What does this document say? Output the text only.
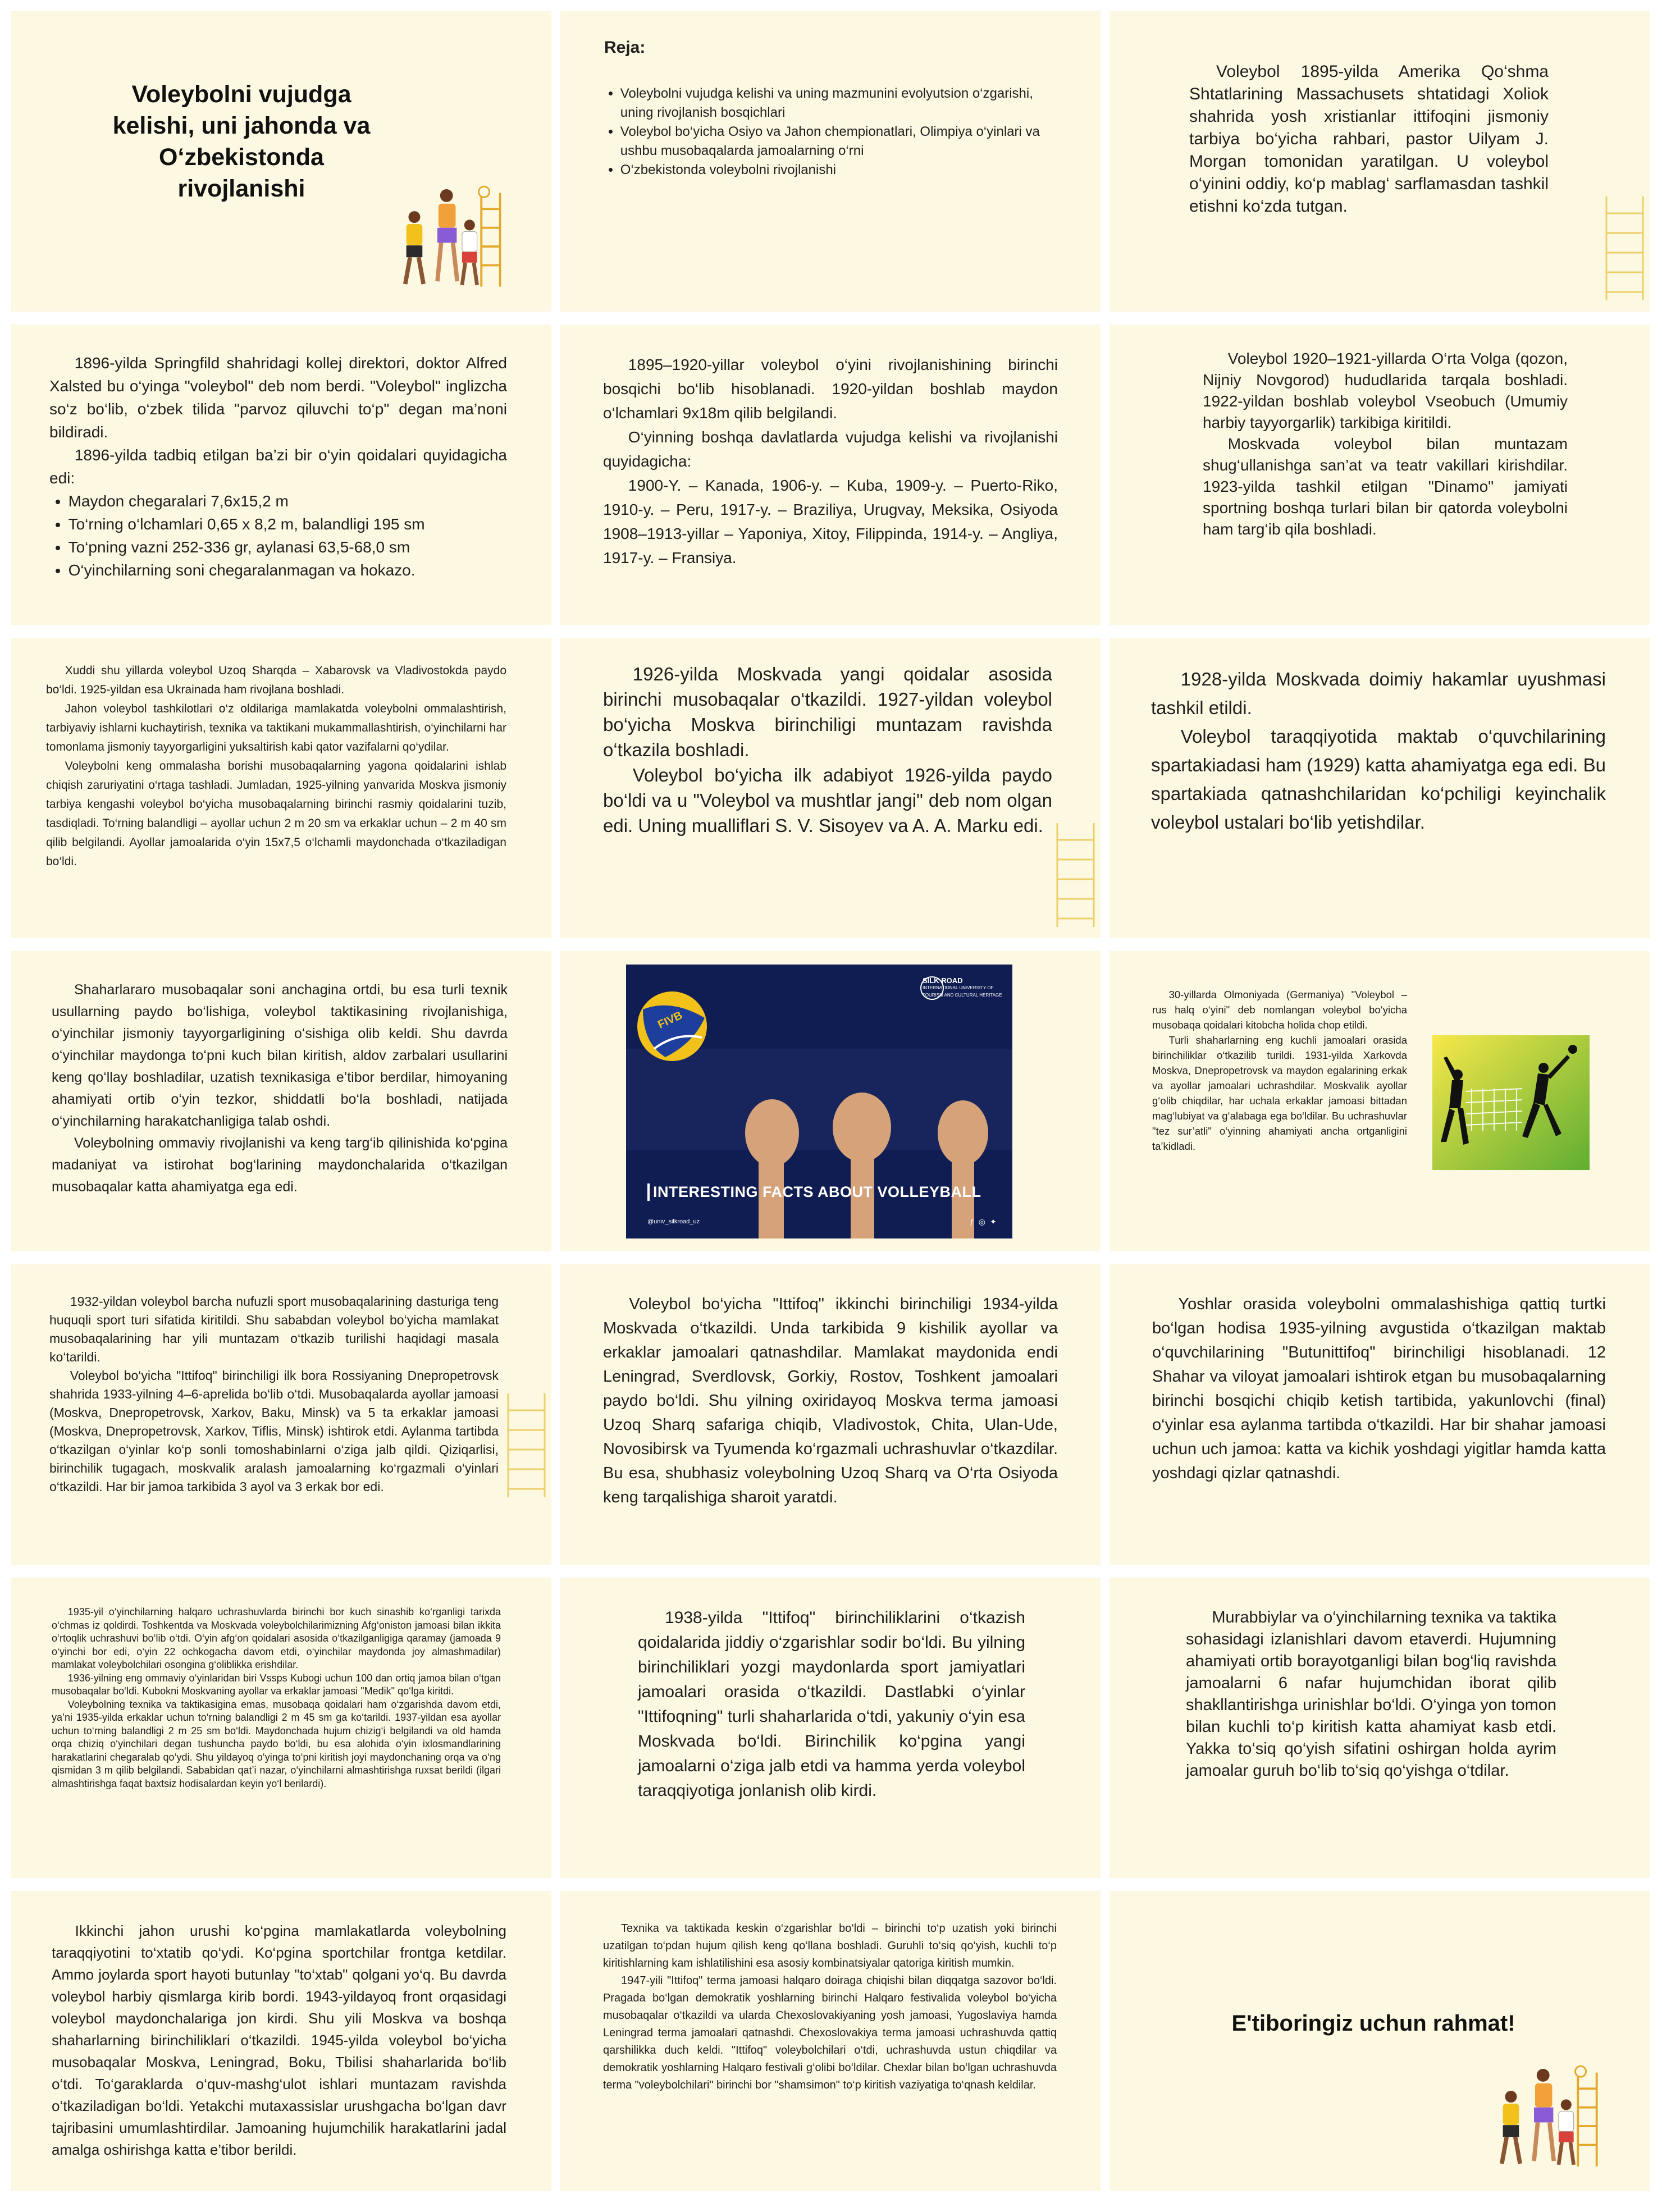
Voleybolni vujudga kelishi, uni jahonda va O‘zbekistonda rivojlanishi
Reja:
• Voleybolni vujudga kelishi va uning mazmunini evolyutsion o‘zgarishi, uning rivojlanish bosqichlari
• Voleybol bo‘yicha Osiyo va Jahon chempionatlari, Olimpiya o‘yinlari va ushbu musobaqalarda jamoalarning o‘rni
• O‘zbekistonda voleybolni rivojlanishi

Voleybol 1895-yilda Amerika Qo‘shma Shtatlarining Massachusets shtatidagi Xoliok shahrida yosh xristianlar ittifoqini jismoniy tarbiya bo‘yicha rahbari, pastor Uilyam J. Morgan tomonidan yaratilgan. U voleybol o‘yinini oddiy, ko‘p mablag‘ sarflamasdan tashkil etishni ko‘zda tutgan.

1896-yilda Springfild shahridagi kollej direktori, doktor Alfred Xalsted bu o‘yinga "voleybol" deb nom berdi. "Voleybol" inglizcha so‘z bo‘lib, o‘zbek tilida "parvoz qiluvchi to‘p" degan ma’noni bildiradi.

1896-yilda tadbiq etilgan ba’zi bir o‘yin qoidalari quyidagicha edi:

• Maydon chegaralari 7,6x15,2 m
• To‘rning o‘lchamlari 0,65 x 8,2 m, balandligi 195 sm
• To‘pning vazni 252-336 gr, aylanasi 63,5-68,0 sm
• O‘yinchilarning soni chegaralanmagan va hokazo.

1895–1920-yillar voleybol o‘yini rivojlanishining birinchi bosqichi bo‘lib hisoblanadi. 1920-yildan boshlab maydon o‘lchamlari 9x18m qilib belgilandi.

O‘yinning boshqa davlatlarda vujudga kelishi va rivojlanishi quyidagicha:

1900-Y. – Kanada, 1906-y. – Kuba, 1909-y. – Puerto-Riko, 1910-y. – Peru, 1917-y. – Braziliya, Urugvay, Meksika, Osiyoda 1908–1913-yillar – Yaponiya, Xitoy, Filippinda, 1914-y. – Angliya, 1917-y. – Fransiya.

Voleybol 1920–1921-yillarda O‘rta Volga (qozon, Nijniy Novgorod) hududlarida tarqala boshladi. 1922-yildan boshlab voleybol Vseobuch (Umumiy harbiy tayyorgarlik) tarkibiga kiritildi.

Moskvada voleybol bilan muntazam shug‘ullanishga san’at va teatr vakillari kirishdilar. 1923-yilda tashkil etilgan "Dinamo" jamiyati sportning boshqa turlari bilan bir qatorda voleybolni ham targ‘ib qila boshladi.

Xuddi shu yillarda voleybol Uzoq Sharqda – Xabarovsk va Vladivostokda paydo bo‘ldi. 1925-yildan esa Ukrainada ham rivojlana boshladi.

Jahon voleybol tashkilotlari o‘z oldilariga mamlakatda voleybolni ommalashtirish, tarbiyaviy ishlarni kuchaytirish, texnika va taktikani mukammallashtirish, o‘yinchilarni har tomonlama jismoniy tayyorgarligini yuksaltirish kabi qator vazifalarni qo‘ydilar.

Voleybolni keng ommalasha borishi musobaqalarning yagona qoidalarini ishlab chiqish zaruriyatini o‘rtaga tashladi. Jumladan, 1925-yilning yanvarida Moskva jismoniy tarbiya kengashi voleybol bo‘yicha musobaqalarning birinchi rasmiy qoidalarini tuzib, tasdiqladi. To‘rning balandligi – ayollar uchun 2 m 20 sm va erkaklar uchun – 2 m 40 sm qilib belgilandi. Ayollar jamoalarida o‘yin 15x7,5 o‘lchamli maydonchada o‘tkaziladigan bo‘ldi.

1926-yilda Moskvada yangi qoidalar asosida birinchi musobaqalar o‘tkazildi. 1927-yildan voleybol bo‘yicha Moskva birinchiligi muntazam ravishda o‘tkazila boshladi.

Voleybol bo‘yicha ilk adabiyot 1926-yilda paydo bo‘ldi va u "Voleybol va mushtlar jangi" deb nom olgan edi. Uning mualliflari S. V. Sisoyev va A. A. Marku edi.

1928-yilda Moskvada doimiy hakamlar uyushmasi tashkil etildi.

Voleybol taraqqiyotida maktab o‘quvchilarining spartakiadasi ham (1929) katta ahamiyatga ega edi. Bu spartakiada qatnashchilaridan ko‘pchiligi keyinchalik voleybol ustalari bo‘lib yetishdilar.

Shaharlararo musobaqalar soni anchagina ortdi, bu esa turli texnik usullarning paydo bo‘lishiga, voleybol taktikasining rivojlanishiga, o‘yinchilar jismoniy tayyorgarligining o‘sishiga olib keldi. Shu davrda o‘yinchilar maydonga to‘pni kuch bilan kiritish, aldov zarbalari usullarini keng qo‘llay boshladilar, uzatish texnikasiga e’tibor berdilar, himoyaning ahamiyati ortib o‘yin tezkor, shiddatli bo‘la boshladi, natijada o‘yinchilarning harakatchanligiga talab oshdi.

Voleybolning ommaviy rivojlanishi va keng targ‘ib qilinishida ko‘pgina madaniyat va istirohat bog‘larining maydonchalarida o‘tkazilgan musobaqalar katta ahamiyatga ega edi.

SILK ROAD
INTERNATIONAL UNIVERSITY OF
TOURISM AND CULTURAL HERITAGE
FIVB
INTERESTING FACTS ABOUT VOLLEYBALL
@univ_silkroad_uz	ƒ◎✦

30-yillarda Olmoniyada (Germaniya) "Voleybol – rus halq o‘yini" deb nomlangan voleybol bo‘yicha musobaqa qoidalari kitobcha holida chop etildi.

Turli shaharlarning eng kuchli jamoalari orasida birinchiliklar o‘tkazilib turildi. 1931-yilda Xarkovda Moskva, Dnepropetrovsk va maydon egalarining erkak va ayollar jamoalari uchrashdilar. Moskvalik ayollar g‘olib chiqdilar, har uchala erkaklar jamoasi bittadan mag‘lubiyat va g‘alabaga ega bo‘ldilar. Bu uchrashuvlar "tez sur’atli" o‘yinning ahamiyati ancha ortganligini ta’kidladi.

1932-yildan voleybol barcha nufuzli sport musobaqalarining dasturiga teng huquqli sport turi sifatida kiritildi. Shu sababdan voleybol bo‘yicha mamlakat musobaqalarining har yili muntazam o‘tkazib turilishi haqidagi masala ko‘tarildi.

Voleybol bo‘yicha "Ittifoq" birinchiligi ilk bora Rossiyaning Dnepropetrovsk shahrida 1933-yilning 4–6-aprelida bo‘lib o‘tdi. Musobaqalarda ayollar jamoasi (Moskva, Dnepropetrovsk, Xarkov, Baku, Minsk) va 5 ta erkaklar jamoasi (Moskva, Dnepropetrovsk, Xarkov, Tiflis, Minsk) ishtirok etdi. Aylanma tartibda o‘tkazilgan o‘yinlar ko‘p sonli tomoshabinlarni o‘ziga jalb qildi. Qiziqarlisi, birinchilik tugagach, moskvalik aralash jamoalarning ko‘rgazmali o‘yinlari o‘tkazildi. Har bir jamoa tarkibida 3 ayol va 3 erkak bor edi.

Voleybol bo‘yicha "Ittifoq" ikkinchi birinchiligi 1934-yilda Moskvada o‘tkazildi. Unda tarkibida 9 kishilik ayollar va erkaklar jamoalari qatnashdilar. Mamlakat maydonida endi Leningrad, Sverdlovsk, Gorkiy, Rostov, Toshkent jamoalari paydo bo‘ldi. Shu yilning oxiridayoq Moskva terma jamoasi Uzoq Sharq safariga chiqib, Vladivostok, Chita, Ulan-Ude, Novosibirsk va Tyumenda ko‘rgazmali uchrashuvlar o‘tkazdilar. Bu esa, shubhasiz voleybolning Uzoq Sharq va O‘rta Osiyoda keng tarqalishiga sharoit yaratdi.

Yoshlar orasida voleybolni ommalashishiga qattiq turtki bo‘lgan hodisa 1935-yilning avgustida o‘tkazilgan maktab o‘quvchilarining "Butunittifoq" birinchiligi hisoblanadi. 12 Shahar va viloyat jamoalari ishtirok etgan bu musobaqalarning birinchi bosqichi chiqib ketish tartibida, yakunlovchi (final) o‘yinlar esa aylanma tartibda o‘tkazildi. Har bir shahar jamoasi uchun uch jamoa: katta va kichik yoshdagi yigitlar hamda katta yoshdagi qizlar qatnashdi.

1935-yil o‘yinchilarning halqaro uchrashuvlarda birinchi bor kuch sinashib ko‘rganligi tarixda o‘chmas iz qoldirdi. Toshkentda va Moskvada voleybolchilarimizning Afg‘oniston jamoasi bilan ikkita o‘rtoqlik uchrashuvi bo‘lib o‘tdi. O‘yin afg‘on qoidalari asosida o‘tkazilganligiga qaramay (jamoada 9 o‘yinchi bor edi, o‘yin 22 ochkogacha davom etdi, o‘yinchilar maydonda joy almashmadilar) mamlakat voleybolchilari osongina g‘oliblikka erishdilar.

1936-yilning eng ommaviy o‘yinlaridan biri Vssps Kubogi uchun 100 dan ortiq jamoa bilan o‘tgan musobaqalar bo‘ldi. Kubokni Moskvaning ayollar va erkaklar jamoasi "Medik" qo‘lga kiritdi.

Voleybolning texnika va taktikasigina emas, musobaqa qoidalari ham o‘zgarishda davom etdi, ya’ni 1935-yilda erkaklar uchun to‘rning balandligi 2 m 45 sm ga ko‘tarildi. 1937-yildan esa ayollar uchun to‘rning balandligi 2 m 25 sm bo‘ldi. Maydonchada hujum chizig‘i belgilandi va old hamda orqa chiziq o‘yinchilari degan tushuncha paydo bo‘ldi, bu esa alohida o‘yin ixlosmandlarining harakatlarini chegaralab qo‘ydi. Shu yildayoq o‘yinga to‘pni kiritish joyi maydonchaning orqa va o‘ng qismidan 3 m qilib belgilandi. Sababidan qat’i nazar, o‘yinchilarni almashtirishga ruxsat berildi (ilgari almashtirishga faqat baxtsiz hodisalardan keyin yo‘l berilardi).

1938-yilda "Ittifoq" birinchiliklarini o‘tkazish qoidalarida jiddiy o‘zgarishlar sodir bo‘ldi. Bu yilning birinchiliklari yozgi maydonlarda sport jamiyatlari jamoalari orasida o‘tkazildi. Dastlabki o‘yinlar "Ittifoqning" turli shaharlarida o‘tdi, yakuniy o‘yin esa Moskvada bo‘ldi. Birinchilik ko‘pgina yangi jamoalarni o‘ziga jalb etdi va hamma yerda voleybol taraqqiyotiga jonlanish olib kirdi.

Murabbiylar va o‘yinchilarning texnika va taktika sohasidagi izlanishlari davom etaverdi. Hujumning ahamiyati ortib borayotganligi bilan bog‘liq ravishda jamoalarni 6 nafar hujumchidan iborat qilib shakllantirishga urinishlar bo‘ldi. O‘yinga yon tomon bilan kuchli to‘p kiritish katta ahamiyat kasb etdi. Yakka to‘siq qo‘yish sifatini oshirgan holda ayrim jamoalar guruh bo‘lib to‘siq qo‘yishga o‘tdilar.

Ikkinchi jahon urushi ko‘pgina mamlakatlarda voleybolning taraqqiyotini to‘xtatib qo‘ydi. Ko‘pgina sportchilar frontga ketdilar. Ammo joylarda sport hayoti butunlay "to‘xtab" qolgani yo‘q. Bu davrda voleybol harbiy qismlarga kirib bordi. 1943-yildayoq front orqasidagi voleybol maydonchalariga jon kirdi. Shu yili Moskva va boshqa shaharlarning birinchiliklari o‘tkazildi. 1945-yilda voleybol bo‘yicha musobaqalar Moskva, Leningrad, Boku, Tbilisi shaharlarida bo‘lib o‘tdi. To‘garaklarda o‘quv-mashg‘ulot ishlari muntazam ravishda o‘tkaziladigan bo‘ldi. Yetakchi mutaxassislar urushgacha bo‘lgan davr tajribasini umumlashtirdilar. Jamoaning hujumchilik harakatlarini jadal amalga oshirishga katta e’tibor berildi.

Texnika va taktikada keskin o‘zgarishlar bo‘ldi – birinchi to‘p uzatish yoki birinchi uzatilgan to‘pdan hujum qilish keng qo‘llana boshladi. Guruhli to‘siq qo‘yish, kuchli to‘p kiritishlarning kam ishlatilishini esa asosiy kombinatsiyalar qatoriga kiritish mumkin.

1947-yili "Ittifoq" terma jamoasi halqaro doiraga chiqishi bilan diqqatga sazovor bo‘ldi. Pragada bo‘lgan demokratik yoshlarning birinchi Halqaro festivalida voleybol bo‘yicha musobaqalar o‘tkazildi va ularda Chexoslovakiyaning yosh jamoasi, Yugoslaviya hamda Leningrad terma jamoalari qatnashdi. Chexoslovakiya terma jamoasi uchrashuvda qattiq qarshilikka duch keldi. "Ittifoq" voleybolchilari o‘tdi, uchrashuvda ustun chiqdilar va demokratik yoshlarning Halqaro festivali g‘olibi bo‘ldilar. Chexlar bilan bo‘lgan uchrashuvda terma "voleybolchilari" birinchi bor "shamsimon" to‘p kiritish vaziyatiga to‘qnash keldilar.

E'tiboringiz uchun rahmat!
